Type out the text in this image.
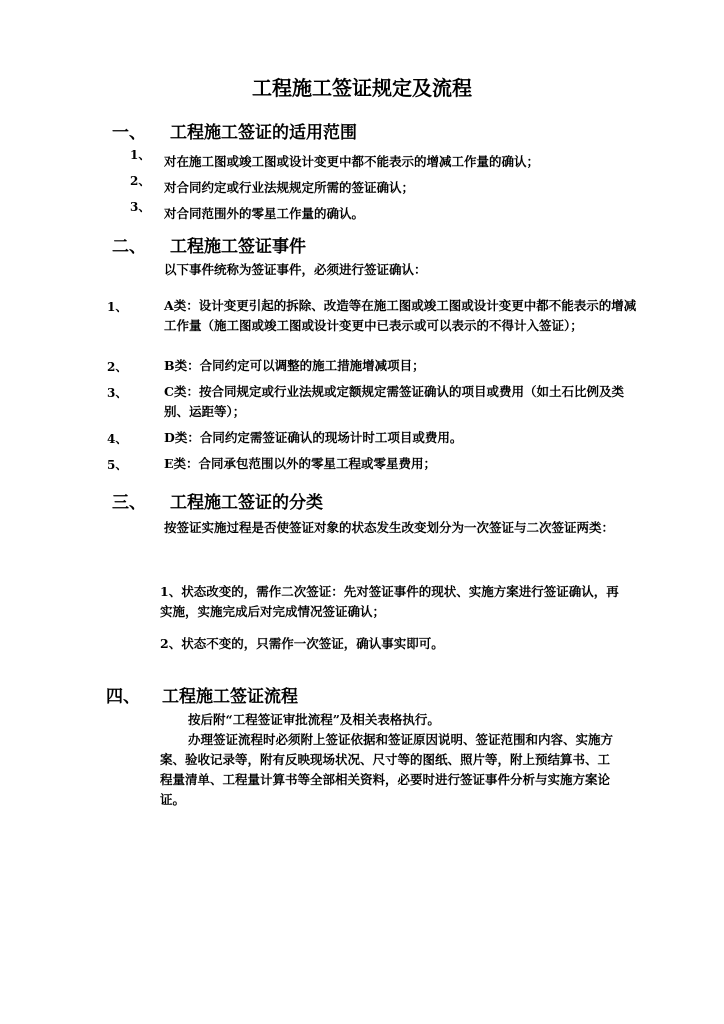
工程施工签证规定及流程
一、 工程施工签证的适用范围
1、 对在施工图或竣工图或设计变更中都不能表示的增减工作量的确认；
2、 对合同约定或行业法规规定所需的签证确认；
3、 对合同范围外的零星工作量的确认。
二、 工程施工签证事件
以下事件统称为签证事件，必须进行签证确认：
1、	A类：设计变更引起的拆除、改造等在施工图或竣工图或设计变更中都不能表示的增减工作量（施工图或竣工图或设计变更中已表示或可以表示的不得计入签证）；
2、	B类：合同约定可以调整的施工措施增减项目；
3、	C类：按合同规定或行业法规或定额规定需签证确认的项目或费用（如土石比例及类别、运距等）；
4、	D类：合同约定需签证确认的现场计时工项目或费用。
5、	E类：合同承包范围以外的零星工程或零星费用；
三、 工程施工签证的分类
按签证实施过程是否使签证对象的状态发生改变划分为一次签证与二次签证两类：
1、状态改变的，需作二次签证：先对签证事件的现状、实施方案进行签证确认，再实施，实施完成后对完成情况签证确认；
2、状态不变的，只需作一次签证，确认事实即可。
四、 工程施工签证流程
按后附“工程签证审批流程”及相关表格执行。
办理签证流程时必须附上签证依据和签证原因说明、签证范围和内容、实施方案、验收记录等，附有反映现场状况、尺寸等的图纸、照片等，附上预结算书、工程量清单、工程量计算书等全部相关资料，必要时进行签证事件分析与实施方案论证。
